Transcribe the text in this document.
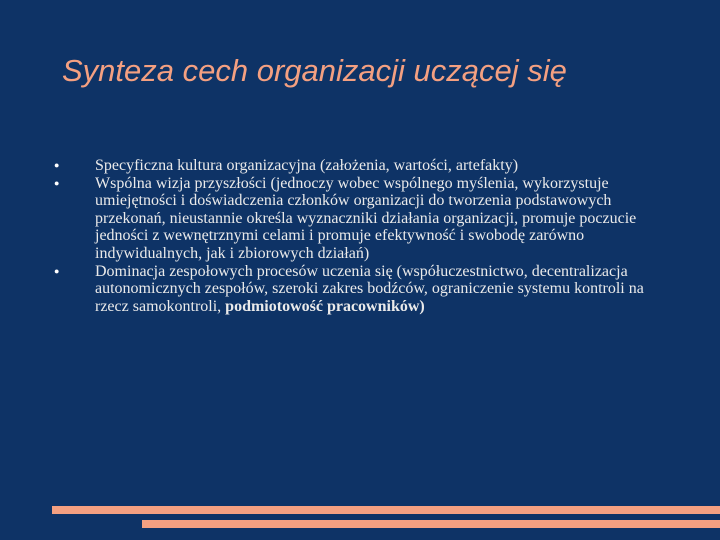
Synteza cech organizacji uczącej się
● Specyficzna kultura organizacyjna (założenia, wartości, artefakty)
● Wspólna wizja przyszłości (jednoczy wobec wspólnego myślenia, wykorzystuje umiejętności i doświadczenia członków organizacji do tworzenia podstawowych przekonań, nieustannie określa wyznaczniki działania organizacji, promuje poczucie jedności z wewnętrznymi celami i promuje efektywność i swobodę zarówno indywidualnych, jak i zbiorowych działań)
● Dominacja zespołowych procesów uczenia się (współuczestnictwo, decentralizacja autonomicznych zespołów, szeroki zakres bodźców, ograniczenie systemu kontroli na rzecz samokontroli, podmiotowość pracowników)
